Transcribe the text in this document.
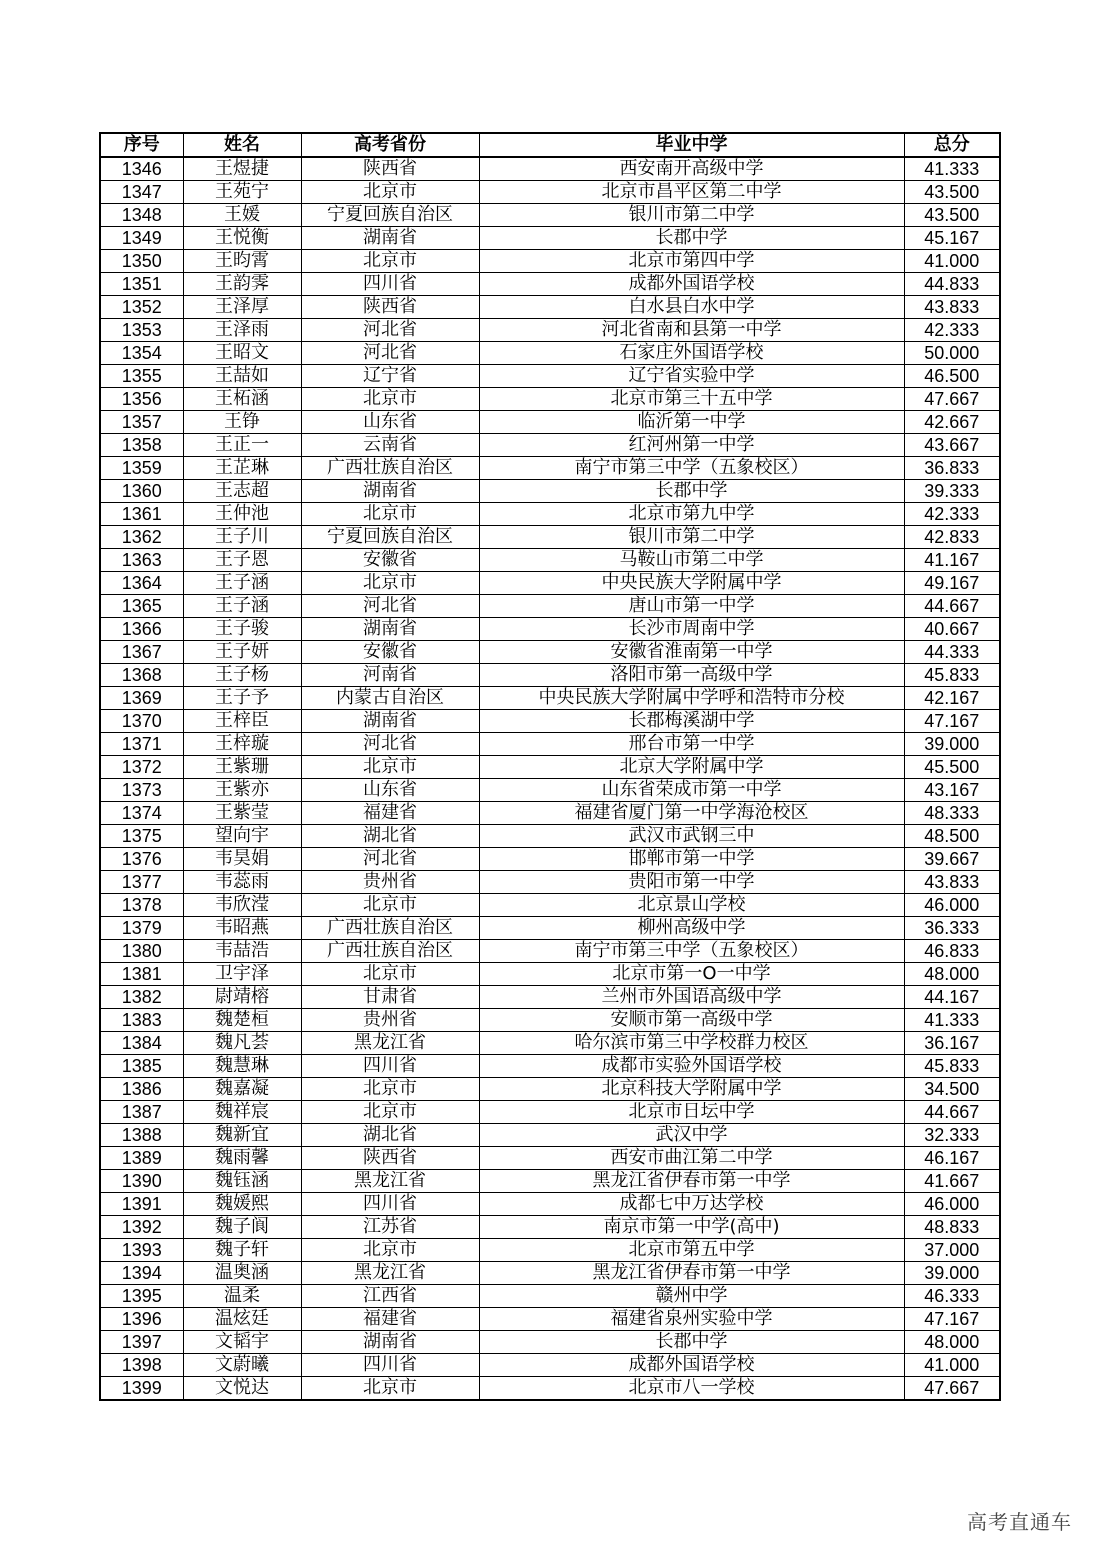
序号	姓名	高考省份	毕业中学	总分
1346	王煜捷	陕西省	西安南开高级中学	41.333
1347	王苑宁	北京市	北京市昌平区第二中学	43.500
1348	王媛	宁夏回族自治区	银川市第二中学	43.500
1349	王悦衡	湖南省	长郡中学	45.167
1350	王昀霄	北京市	北京市第四中学	41.000
1351	王韵霁	四川省	成都外国语学校	44.833
1352	王泽厚	陕西省	白水县白水中学	43.833
1353	王泽雨	河北省	河北省南和县第一中学	42.333
1354	王昭文	河北省	石家庄外国语学校	50.000
1355	王喆如	辽宁省	辽宁省实验中学	46.500
1356	王柘涵	北京市	北京市第三十五中学	47.667
1357	王铮	山东省	临沂第一中学	42.667
1358	王正一	云南省	红河州第一中学	43.667
1359	王芷琳	广西壮族自治区	南宁市第三中学（五象校区）	36.833
1360	王志超	湖南省	长郡中学	39.333
1361	王仲池	北京市	北京市第九中学	42.333
1362	王子川	宁夏回族自治区	银川市第二中学	42.833
1363	王子恩	安徽省	马鞍山市第二中学	41.167
1364	王子涵	北京市	中央民族大学附属中学	49.167
1365	王子涵	河北省	唐山市第一中学	44.667
1366	王子骏	湖南省	长沙市周南中学	40.667
1367	王子妍	安徽省	安徽省淮南第一中学	44.333
1368	王子杨	河南省	洛阳市第一高级中学	45.833
1369	王子予	内蒙古自治区	中央民族大学附属中学呼和浩特市分校	42.167
1370	王梓臣	湖南省	长郡梅溪湖中学	47.167
1371	王梓璇	河北省	邢台市第一中学	39.000
1372	王紫珊	北京市	北京大学附属中学	45.500
1373	王紫亦	山东省	山东省荣成市第一中学	43.167
1374	王紫莹	福建省	福建省厦门第一中学海沧校区	48.333
1375	望向宇	湖北省	武汉市武钢三中	48.500
1376	韦昊娟	河北省	邯郸市第一中学	39.667
1377	韦蕊雨	贵州省	贵阳市第一中学	43.833
1378	韦欣滢	北京市	北京景山学校	46.000
1379	韦昭燕	广西壮族自治区	柳州高级中学	36.333
1380	韦喆浩	广西壮族自治区	南宁市第三中学（五象校区）	46.833
1381	卫宇泽	北京市	北京市第一O一中学	48.000
1382	尉靖榕	甘肃省	兰州市外国语高级中学	44.167
1383	魏楚桓	贵州省	安顺市第一高级中学	41.333
1384	魏凡荟	黑龙江省	哈尔滨市第三中学校群力校区	36.167
1385	魏慧琳	四川省	成都市实验外国语学校	45.833
1386	魏嘉凝	北京市	北京科技大学附属中学	34.500
1387	魏祥宸	北京市	北京市日坛中学	44.667
1388	魏新宜	湖北省	武汉中学	32.333
1389	魏雨馨	陕西省	西安市曲江第二中学	46.167
1390	魏钰涵	黑龙江省	黑龙江省伊春市第一中学	41.667
1391	魏媛熙	四川省	成都七中万达学校	46.000
1392	魏子阆	江苏省	南京市第一中学(高中)	48.833
1393	魏子轩	北京市	北京市第五中学	37.000
1394	温奥涵	黑龙江省	黑龙江省伊春市第一中学	39.000
1395	温柔	江西省	赣州中学	46.333
1396	温炫廷	福建省	福建省泉州实验中学	47.167
1397	文韬宇	湖南省	长郡中学	48.000
1398	文蔚曦	四川省	成都外国语学校	41.000
1399	文悦达	北京市	北京市八一学校	47.667
高考直通车
